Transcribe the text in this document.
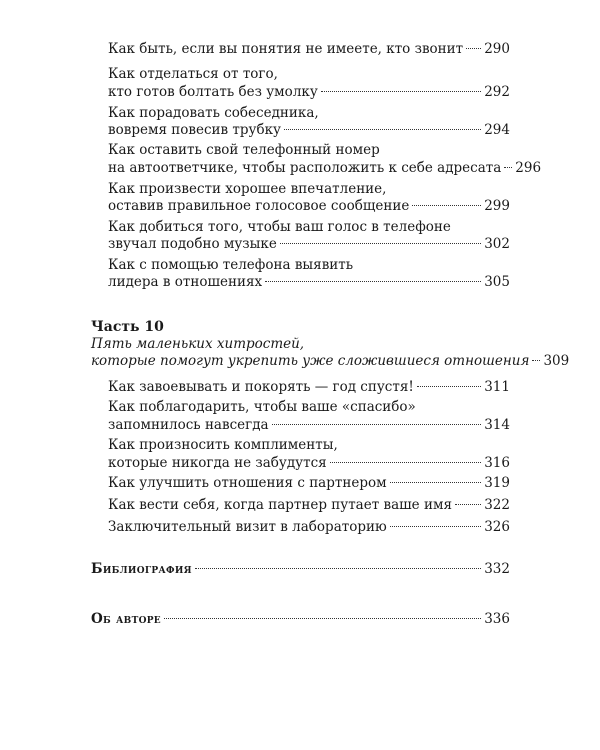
Как быть, если вы понятия не имеете, кто звонит 290
Как отделаться от того,
кто готов болтать без умолку	292
Как порадовать собеседника,
вовремя повесив трубку	294
Как оставить свой телефонный номер
на автоответчике, чтобы расположить к себе адресата 296
Как произвести хорошее впечатление,
оставив правильное голосовое сообщение	299
Как добиться того, чтобы ваш голос в телефоне
звучал подобно музыке	302
Как с помощью телефона выявить
лидера в отношениях	305
Часть 10
Пять маленьких хитростей,
которые помогут укрепить уже сложившиеся отношения 309
Как завоевывать и покорять — год спустя!	311
Как поблагодарить, чтобы ваше «спасибо»
запомнилось навсегда	314
Как произносить комплименты,
которые никогда не забудутся	316
Как улучшить отношения с партнером	319
Как вести себя, когда партнер путает ваше имя 322
Заключительный визит в лабораторию	326
Библиография	332
Об авторе	336
